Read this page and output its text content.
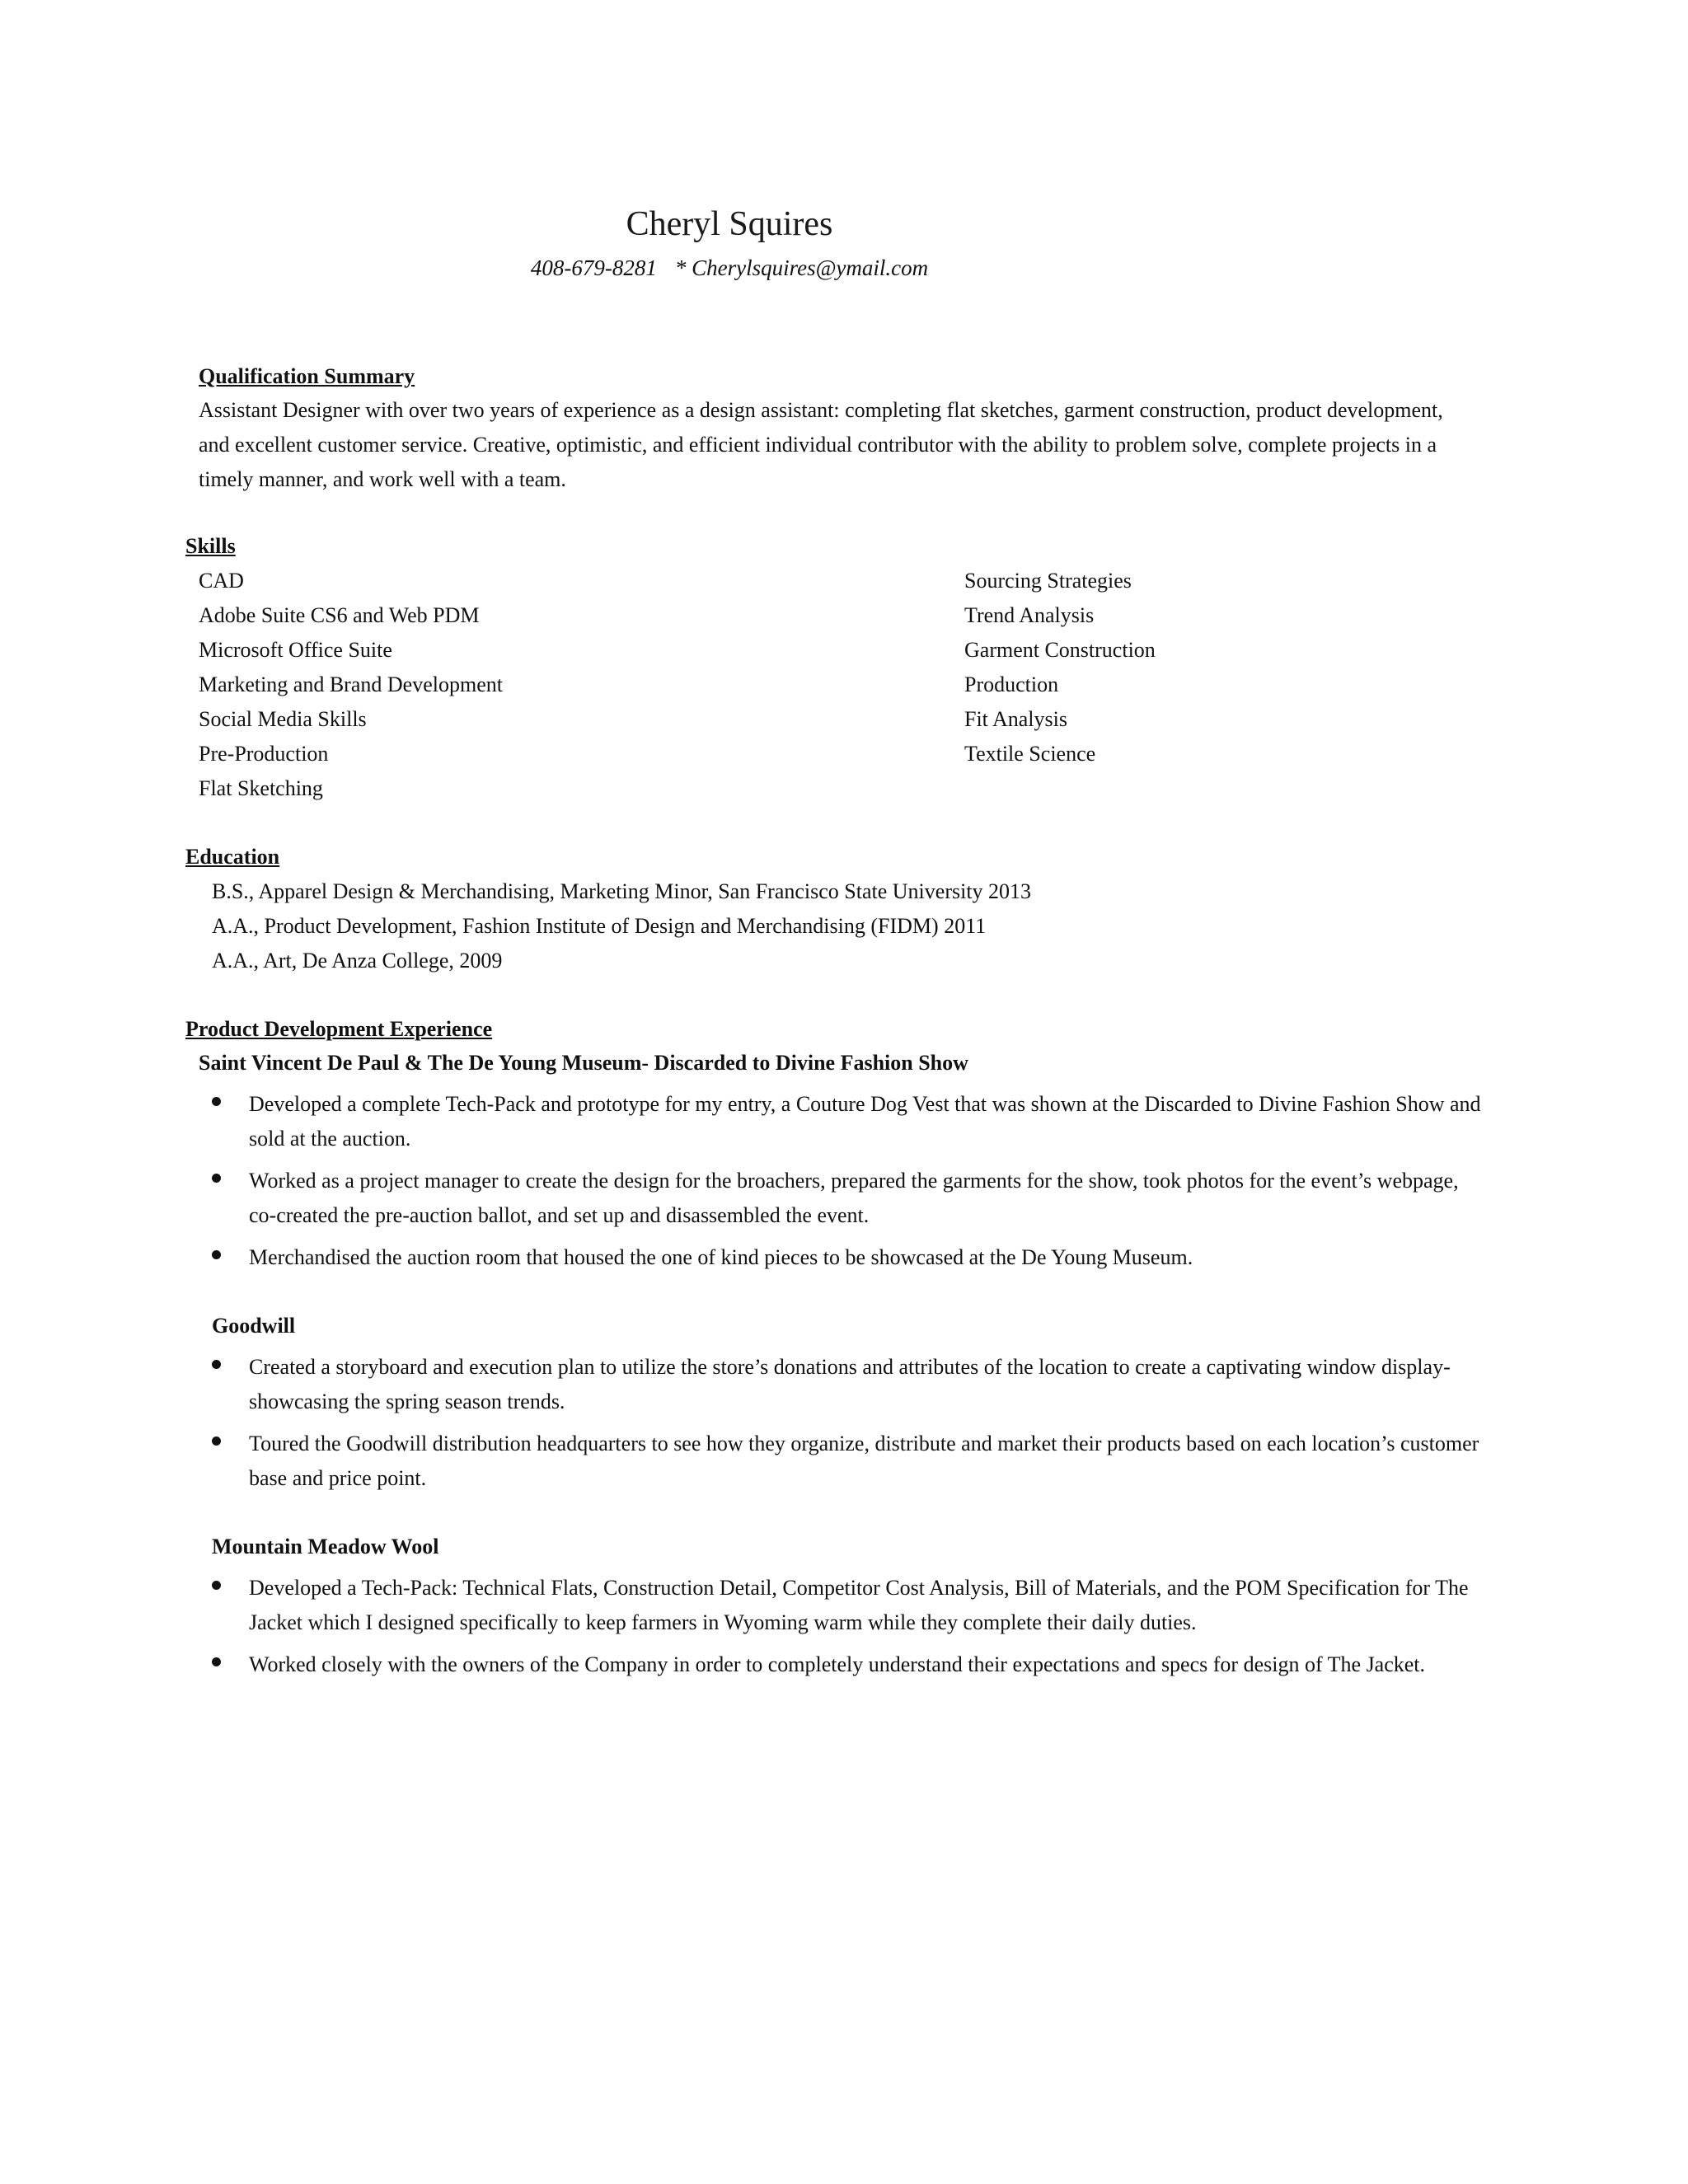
Cheryl Squires
408-679-8281 * Cherylsquires@ymail.com
Qualification Summary
Assistant Designer with over two years of experience as a design assistant: completing flat sketches, garment construction, product development, and excellent customer service. Creative, optimistic, and efficient individual contributor with the ability to problem solve, complete projects in a timely manner, and work well with a team.
Skills
CAD
Adobe Suite CS6 and Web PDM
Microsoft Office Suite
Marketing and Brand Development
Social Media Skills
Pre-Production
Flat Sketching
Sourcing Strategies
Trend Analysis
Garment Construction
Production
Fit Analysis
Textile Science
Education
B.S., Apparel Design & Merchandising, Marketing Minor, San Francisco State University 2013
A.A., Product Development, Fashion Institute of Design and Merchandising (FIDM) 2011
A.A., Art, De Anza College, 2009
Product Development Experience
Saint Vincent De Paul & The De Young Museum- Discarded to Divine Fashion Show
Developed a complete Tech-Pack and prototype for my entry, a Couture Dog Vest that was shown at the Discarded to Divine Fashion Show and sold at the auction.
Worked as a project manager to create the design for the broachers, prepared the garments for the show, took photos for the event’s webpage, co-created the pre-auction ballot, and set up and disassembled the event.
Merchandised the auction room that housed the one of kind pieces to be showcased at the De Young Museum.
Goodwill
Created a storyboard and execution plan to utilize the store’s donations and attributes of the location to create a captivating window display-showcasing the spring season trends.
Toured the Goodwill distribution headquarters to see how they organize, distribute and market their products based on each location’s customer base and price point.
Mountain Meadow Wool
Developed a Tech-Pack: Technical Flats, Construction Detail, Competitor Cost Analysis, Bill of Materials, and the POM Specification for The Jacket which I designed specifically to keep farmers in Wyoming warm while they complete their daily duties.
Worked closely with the owners of the Company in order to completely understand their expectations and specs for design of The Jacket.
